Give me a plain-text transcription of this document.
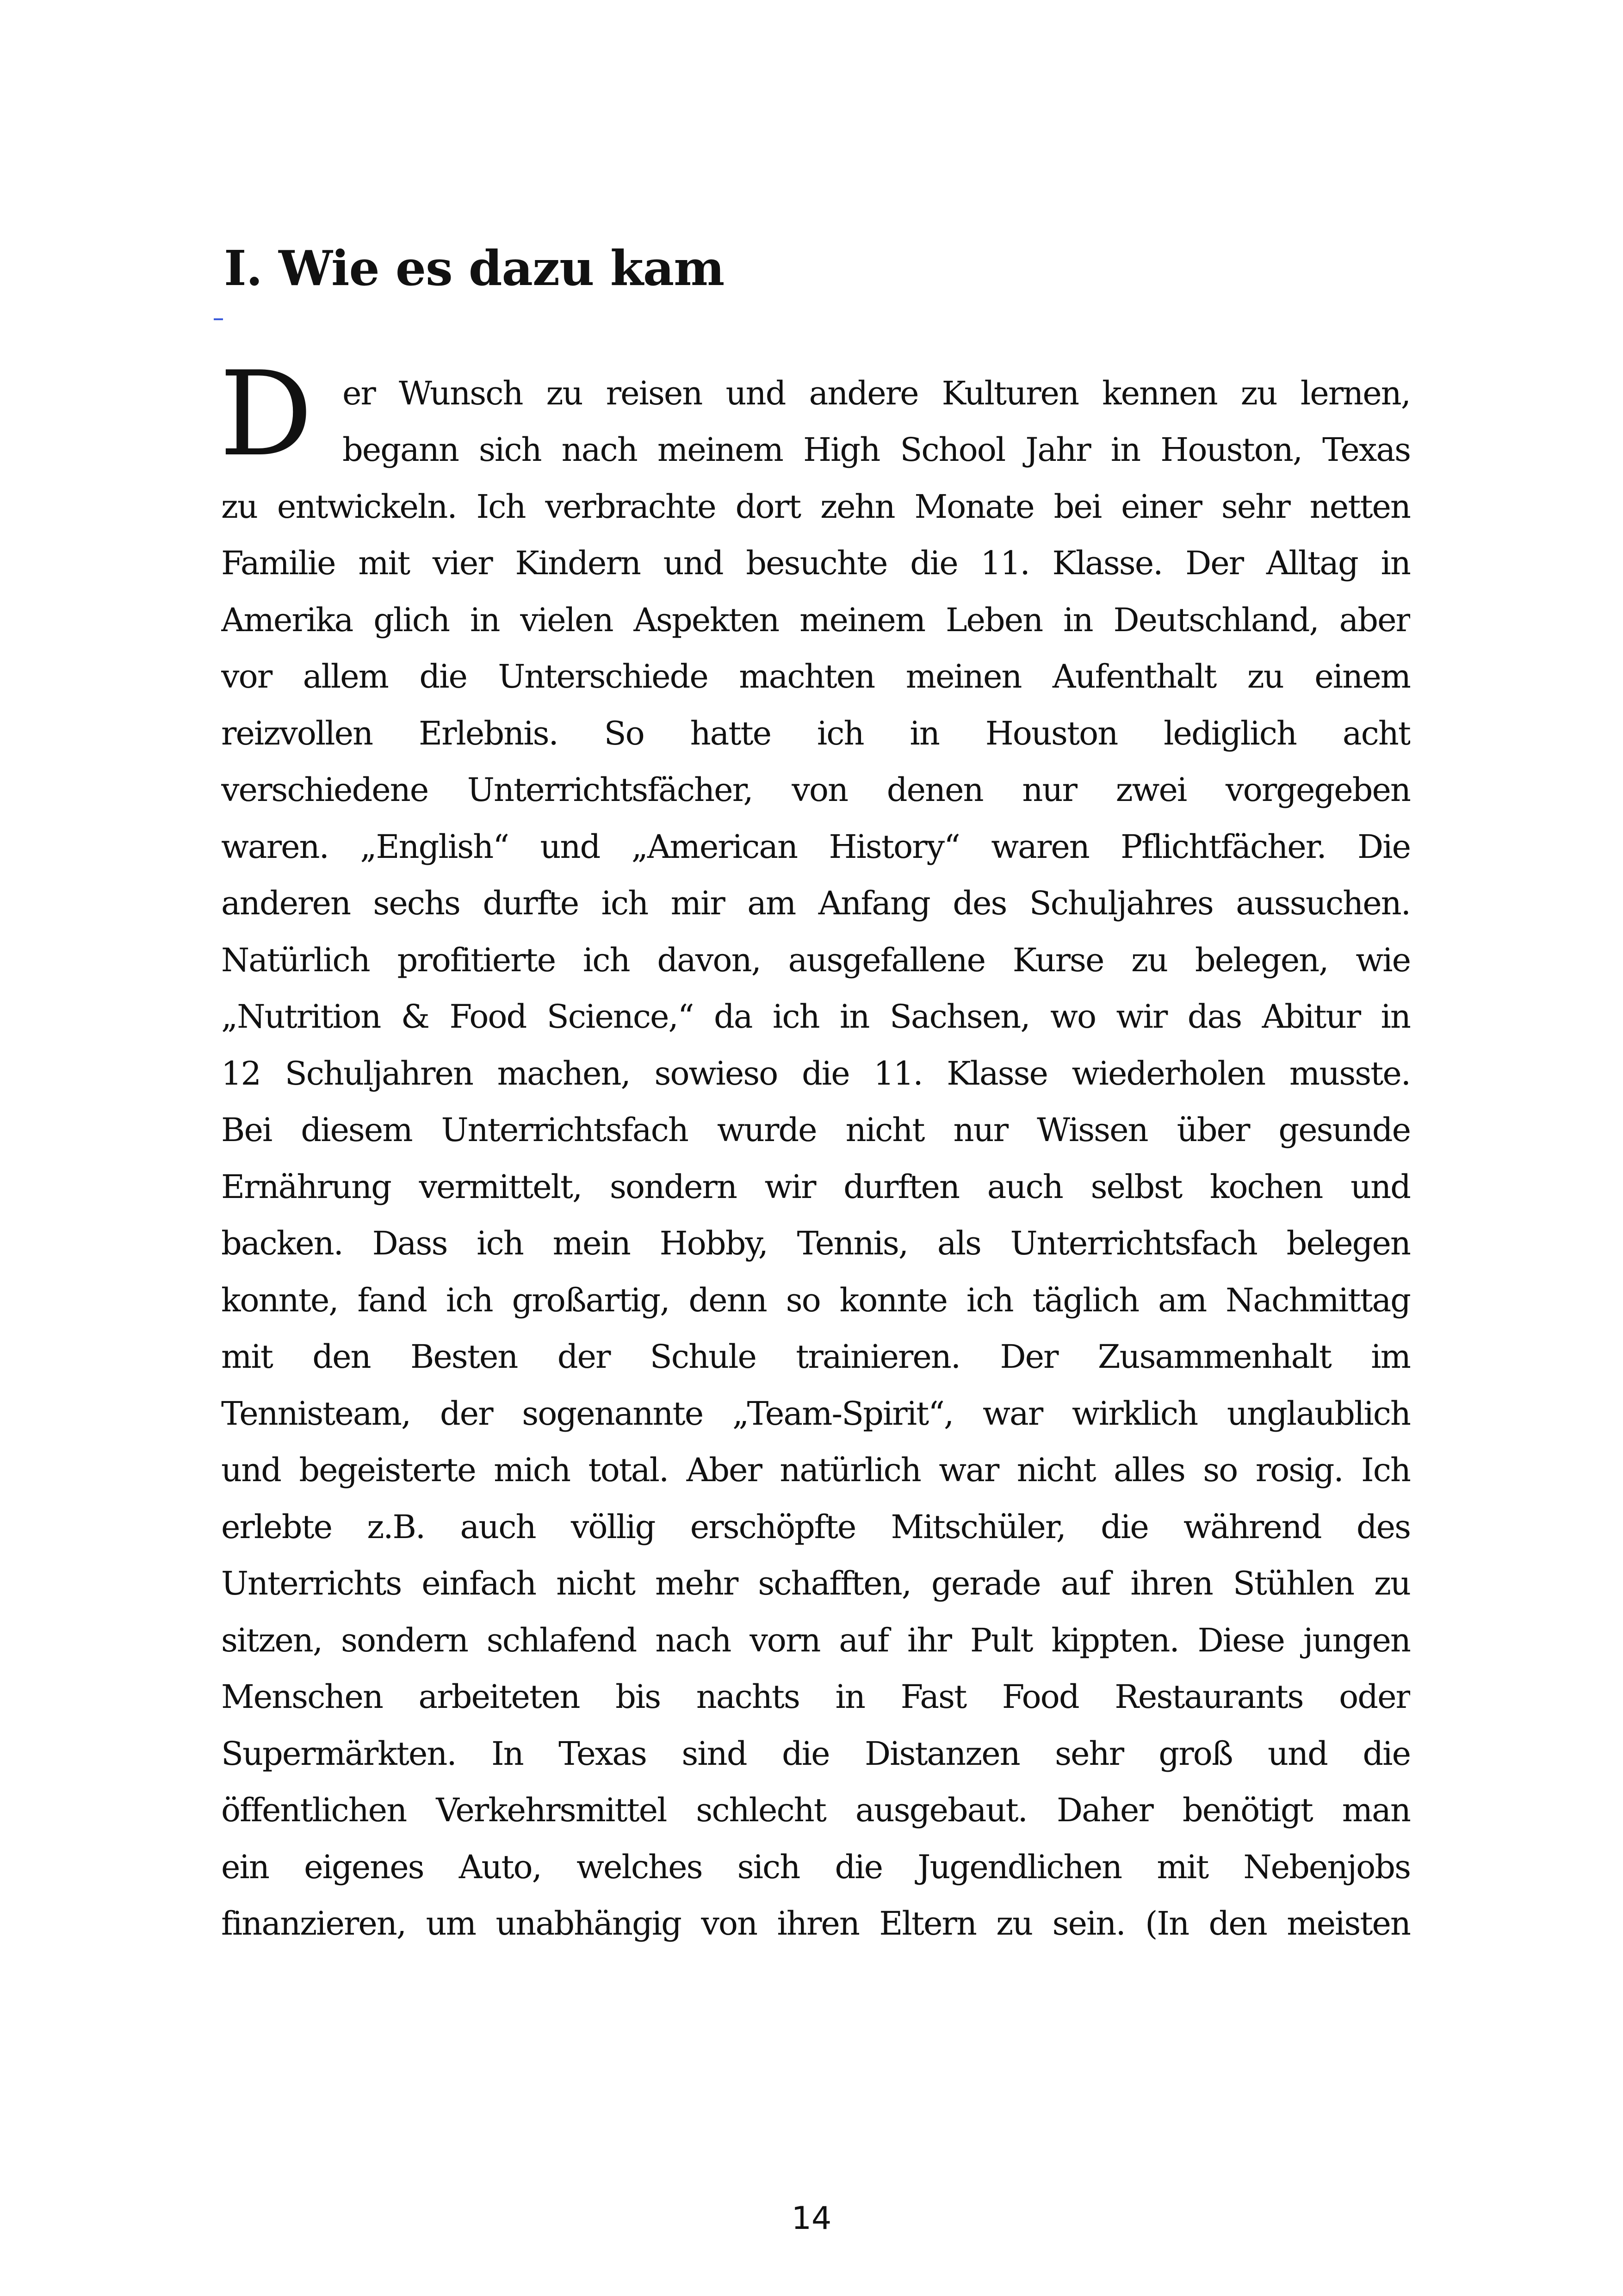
I. Wie es dazu kam
D er Wunsch zu reisen und andere Kulturen kennen zu lernen,
begann sich nach meinem High School Jahr in Houston, Texas
zu entwickeln. Ich verbrachte dort zehn Monate bei einer sehr netten
Familie mit vier Kindern und besuchte die 11. Klasse. Der Alltag in
Amerika glich in vielen Aspekten meinem Leben in Deutschland, aber
vor allem die Unterschiede machten meinen Aufenthalt zu einem
reizvollen Erlebnis. So hatte ich in Houston lediglich acht
verschiedene Unterrichtsfächer, von denen nur zwei vorgegeben
waren. „English“ und „American History“ waren Pflichtfächer. Die
anderen sechs durfte ich mir am Anfang des Schuljahres aussuchen.
Natürlich profitierte ich davon, ausgefallene Kurse zu belegen, wie
„Nutrition & Food Science,“ da ich in Sachsen, wo wir das Abitur in
12 Schuljahren machen, sowieso die 11. Klasse wiederholen musste.
Bei diesem Unterrichtsfach wurde nicht nur Wissen über gesunde
Ernährung vermittelt, sondern wir durften auch selbst kochen und
backen. Dass ich mein Hobby, Tennis, als Unterrichtsfach belegen
konnte, fand ich großartig, denn so konnte ich täglich am Nachmittag
mit den Besten der Schule trainieren. Der Zusammenhalt im
Tennisteam, der sogenannte „Team-Spirit“, war wirklich unglaublich
und begeisterte mich total. Aber natürlich war nicht alles so rosig. Ich
erlebte z.B. auch völlig erschöpfte Mitschüler, die während des
Unterrichts einfach nicht mehr schafften, gerade auf ihren Stühlen zu
sitzen, sondern schlafend nach vorn auf ihr Pult kippten. Diese jungen
Menschen arbeiteten bis nachts in Fast Food Restaurants oder
Supermärkten. In Texas sind die Distanzen sehr groß und die
öffentlichen Verkehrsmittel schlecht ausgebaut. Daher benötigt man
ein eigenes Auto, welches sich die Jugendlichen mit Nebenjobs
finanzieren, um unabhängig von ihren Eltern zu sein. (In den meisten
14
